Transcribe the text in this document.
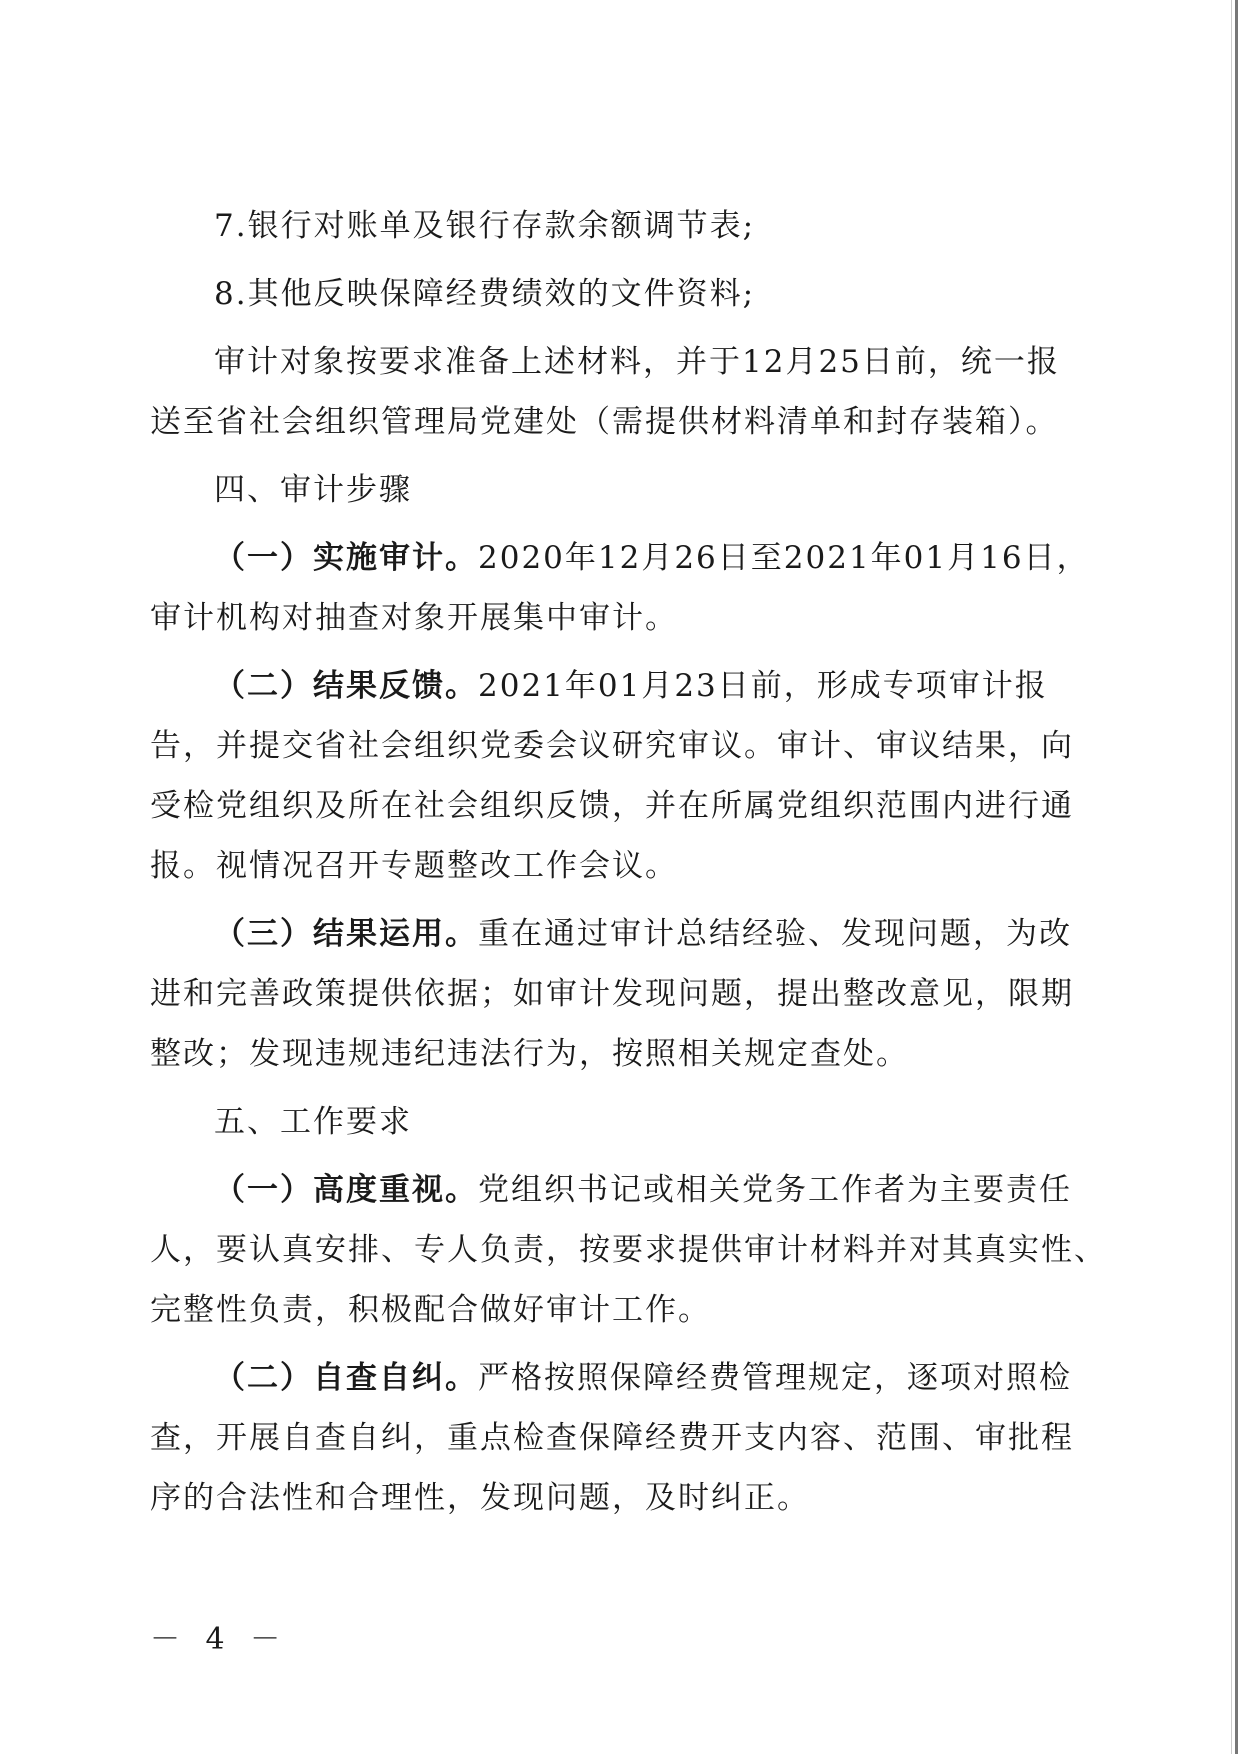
7.银行对账单及银行存款余额调节表;
8.其他反映保障经费绩效的文件资料;
审计对象按要求准备上述材料，并于12月25日前，统一报
送至省社会组织管理局党建处（需提供材料清单和封存装箱）。
四、审计步骤
（一）实施审计。2020年12月26日至2021年01月16日，
审计机构对抽查对象开展集中审计。
（二）结果反馈。2021年01月23日前，形成专项审计报
告，并提交省社会组织党委会议研究审议。审计、审议结果，向
受检党组织及所在社会组织反馈，并在所属党组织范围内进行通
报。视情况召开专题整改工作会议。
（三）结果运用。重在通过审计总结经验、发现问题，为改
进和完善政策提供依据；如审计发现问题，提出整改意见，限期
整改；发现违规违纪违法行为，按照相关规定查处。
五、工作要求
（一）高度重视。党组织书记或相关党务工作者为主要责任
人，要认真安排、专人负责，按要求提供审计材料并对其真实性、
完整性负责，积极配合做好审计工作。
（二）自查自纠。严格按照保障经费管理规定，逐项对照检
查，开展自查自纠，重点检查保障经费开支内容、范围、审批程
序的合法性和合理性，发现问题，及时纠正。
－ 4 －
